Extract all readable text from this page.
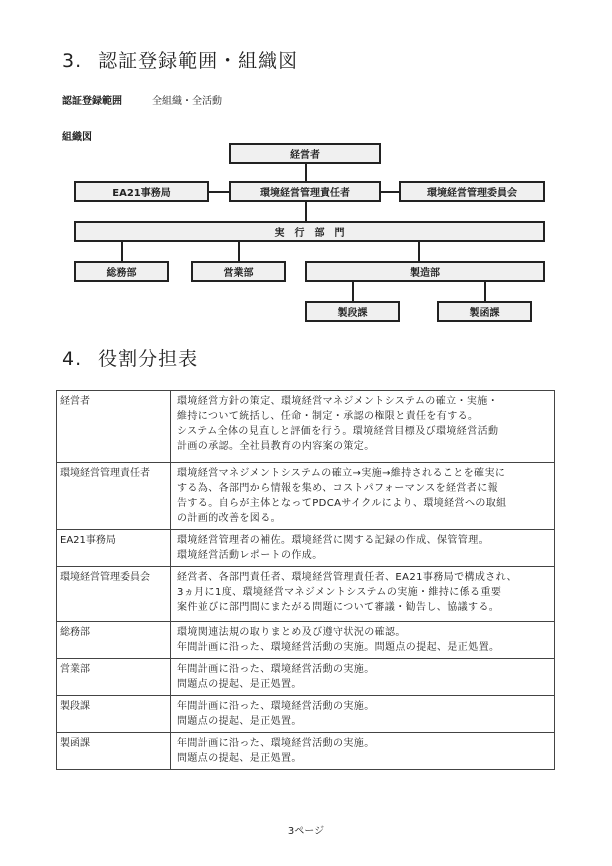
3. 認証登録範囲・組織図
認証登録範囲	全組織・全活動
組織図
経営者
EA21事務局	環境経営管理責任者	環境経営管理委員会
実　行　部　門
総務部	営業部	製造部
製段課	製函課
4. 役割分担表
経営者	環境経営方針の策定、環境経営マネジメントシステムの確立・実施・
維持について統括し、任命・制定・承認の権限と責任を有する。
システム全体の見直しと評価を行う。環境経営目標及び環境経営活動
計画の承認。全社員教育の内容案の策定。

環境経営管理責任者	環境経営マネジメントシステムの確立→実施→維持されることを確実に
する為、各部門から情報を集め、コストパフォーマンスを経営者に報
告する。自らが主体となってPDCAサイクルにより、環境経営への取組
の計画的改善を図る。

EA21事務局	環境経営管理者の補佐。環境経営に関する記録の作成、保管管理。
環境経営活動レポートの作成。

環境経営管理委員会	経営者、各部門責任者、環境経営管理責任者、EA21事務局で構成され、
3ヵ月に1度、環境経営マネジメントシステムの実施・維持に係る重要
案件並びに部門間にまたがる問題について審議・勧告し、協議する。

総務部	環境関連法規の取りまとめ及び遵守状況の確認。
年間計画に沿った、環境経営活動の実施。問題点の提起、是正処置。

営業部	年間計画に沿った、環境経営活動の実施。
問題点の提起、是正処置。

製段課	年間計画に沿った、環境経営活動の実施。
問題点の提起、是正処置。

製函課	年間計画に沿った、環境経営活動の実施。
問題点の提起、是正処置。
3ページ
